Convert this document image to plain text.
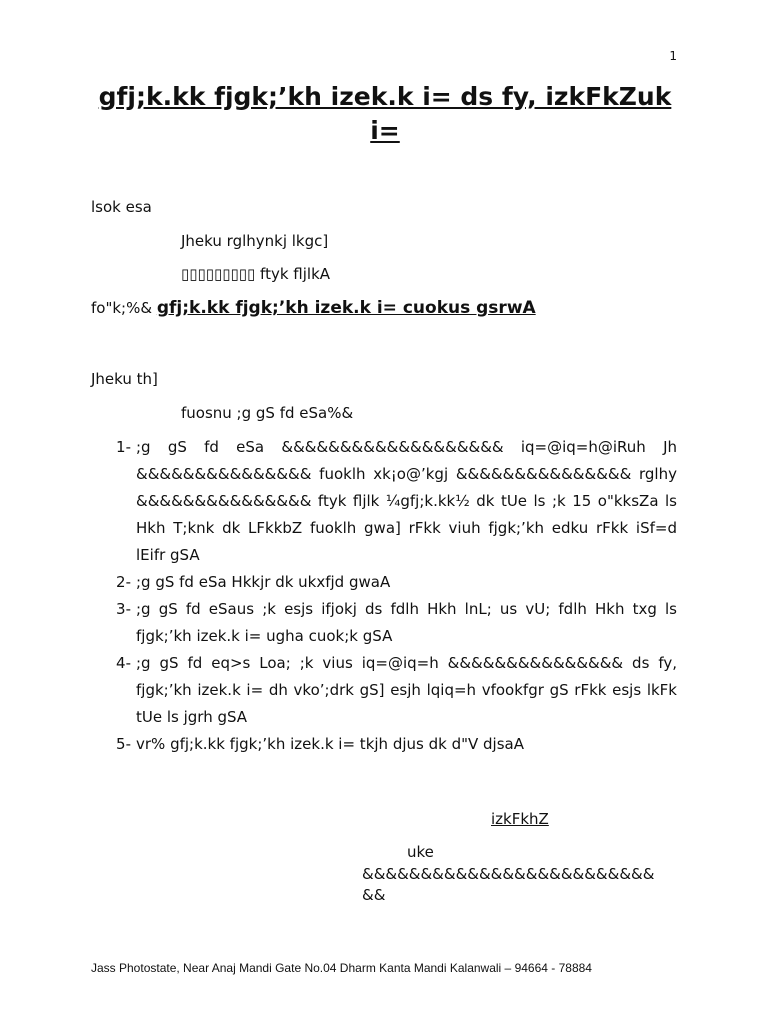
1
gfj;k.kk fjgk;’kh izek.k i= ds fy, izkFkZuk i=
lsok esa
Jheku rglhynkj lkgc]
▯▯▯▯▯▯▯▯▯ ftyk fljlkA
fo"k;%& gfj;k.kk fjgk;’kh izek.k i= cuokus gsrwA
Jheku th]
fuosnu ;g gS fd eSa%&
1- ;g gS fd eSa &&&&&&&&&&&&&&&&&&& iq=@iq=h@iRuh Jh &&&&&&&&&&&&&&& fuoklh xk¡o@’kgj &&&&&&&&&&&&&&& rglhy &&&&&&&&&&&&&&& ftyk fljlk ¼gfj;k.kk½ dk tUe ls ;k 15 o"kksZa ls Hkh T;knk dk LFkkbZ fuoklh gwa] rFkk viuh fjgk;’kh edku rFkk iSf=d lEifr gSA
2- ;g gS fd eSa Hkkjr dk ukxfjd gwaA
3- ;g gS fd eSaus ;k esjs ifjokj ds fdlh Hkh lnL; us vU; fdlh Hkh txg ls fjgk;’kh izek.k i= ugha cuok;k gSA
4- ;g gS fd eq>s Loa; ;k vius iq=@iq=h &&&&&&&&&&&&&&& ds fy, fjgk;’kh izek.k i= dh vko’;drk gS] esjh lqiq=h vfookfgr gS rFkk esjs lkFk tUe ls jgrh gSA
5- vr% gfj;k.kk fjgk;’kh izek.k i= tkjh djus dk d"V djsaA
izkFkhZ
uke
&&&&&&&&&&&&&&&&&&&&&&&&&
&&
Jass Photostate, Near Anaj Mandi Gate No.04 Dharm Kanta Mandi Kalanwali – 94664 - 78884
